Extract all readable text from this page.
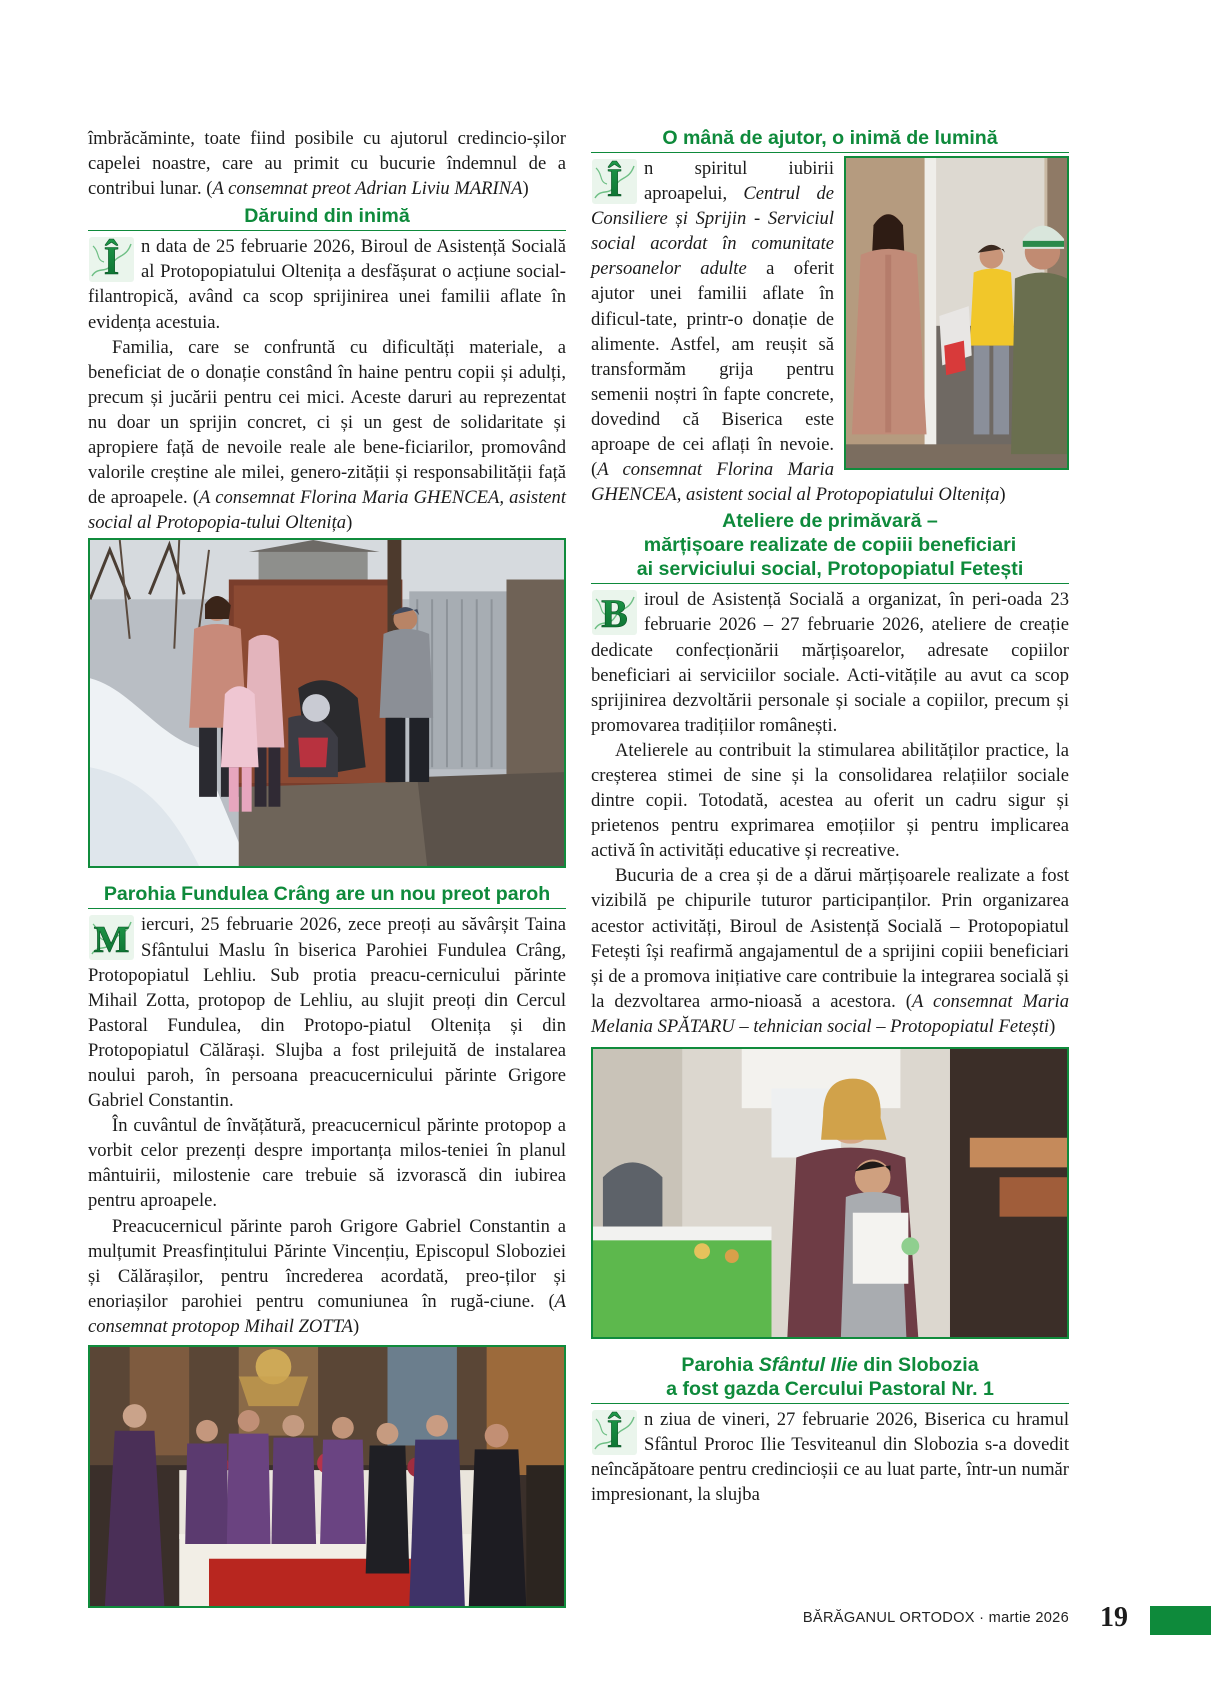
îmbrăcăminte, toate fiind posibile cu ajutorul credincio-șilor capelei noastre, care au primit cu bucurie îndemnul de a contribui lunar. (A consemnat preot Adrian Liviu MARINA)

Dăruind din inimă
Î	n data de 25 februarie 2026, Biroul de Asistență Socială al Protopopiatului Oltenița a desfășurat o acțiune social-filantropică, având ca scop sprijinirea unei familii aflate în evidența acestuia.

Familia, care se confruntă cu dificultăți materiale, a beneficiat de o donație constând în haine pentru copii și adulți, precum și jucării pentru cei mici. Aceste daruri au reprezentat nu doar un sprijin concret, ci și un gest de solidaritate și apropiere față de nevoile reale ale bene-ficiarilor, promovând valorile creștine ale milei, genero-zității și responsabilității față de aproapele. (A consemnat Florina Maria GHENCEA, asistent social al Protopopia-tului Oltenița)

Parohia Fundulea Crâng are un nou preot paroh
M iercuri, 25 februarie 2026, zece preoți au săvârșit Taina Sfântului Maslu în biserica Parohiei Fundulea Crâng, Protopopiatul Lehliu. Sub protia preacu-cernicului părinte Mihail Zotta, protopop de Lehliu, au slujit preoți din Cercul Pastoral Fundulea, din Protopo-piatul Oltenița și din Protopopiatul Călărași. Slujba a fost prilejuită de instalarea noului paroh, în persoana preacucernicului părinte Grigore Gabriel Constantin.

În cuvântul de învățătură, preacucernicul părinte protopop a vorbit celor prezenți despre importanța milos-teniei în planul mântuirii, milostenie care trebuie să izvorască din iubirea pentru aproapele.

Preacucernicul părinte paroh Grigore Gabriel Constantin a mulțumit Preasfințitului Părinte Vincențiu, Episcopul Sloboziei și Călărașilor, pentru încrederea acordată, preo-ților și enoriașilor parohiei pentru comuniunea în rugă-ciune. (A consemnat protopop Mihail ZOTTA)

O mână de ajutor, o inimă de lumină
Î	n spiritul iubirii aproapelui, Centrul de Consiliere și Sprijin - Serviciul social acordat în comunitate persoanelor adulte a oferit ajutor unei familii aflate în dificul-tate, printr-o donație de alimente. Astfel, am reușit să transformăm grija pentru semenii noștri în fapte concrete, dovedind că Biserica este aproape de cei aflați în nevoie. (A consemnat Florina Maria GHENCEA, asistent social al Protopopiatului Oltenița)

Ateliere de primăvară –
mărțișoare realizate de copiii beneficiari
ai serviciului social, Protopopiatul Fetești
B iroul de Asistență Socială a organizat, în peri-oada 23 februarie 2026 – 27 februarie 2026, ateliere de creație dedicate confecționării mărțișoarelor, adresate copiilor beneficiari ai serviciilor sociale. Acti-vitățile au avut ca scop sprijinirea dezvoltării personale și sociale a copiilor, precum și promovarea tradițiilor românești.

Atelierele au contribuit la stimularea abilităților practice, la creșterea stimei de sine și la consolidarea relațiilor sociale dintre copii. Totodată, acestea au oferit un cadru sigur și prietenos pentru exprimarea emoțiilor și pentru implicarea activă în activități educative și recreative.

Bucuria de a crea și de a dărui mărțișoarele realizate a fost vizibilă pe chipurile tuturor participanților. Prin organizarea acestor activități, Biroul de Asistență Socială – Protopopiatul Fetești își reafirmă angajamentul de a sprijini copiii beneficiari și de a promova inițiative care contribuie la integrarea socială și la dezvoltarea armo-nioasă a acestora. (A consemnat Maria Melania SPĂTARU – tehnician social – Protopopiatul Fetești)

Parohia Sfântul Ilie din Slobozia
a fost gazda Cercului Pastoral Nr. 1
Î	n ziua de vineri, 27 februarie 2026, Biserica cu hramul Sfântul Proroc Ilie Tesviteanul din Slobozia s-a dovedit neîncăpătoare pentru credincioșii ce au luat parte, într-un număr impresionant, la slujba

BĂRĂGANUL ORTODOX · martie 2026 19
